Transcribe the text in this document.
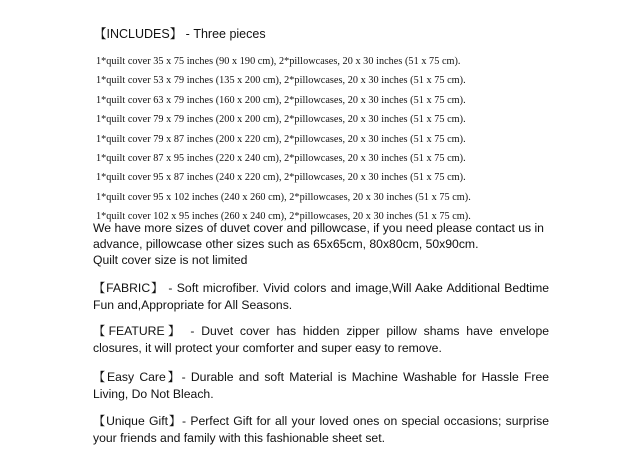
【INCLUDES】 - Three pieces
1*quilt cover 35 x 75 inches (90 x 190 cm), 2*pillowcases, 20 x 30 inches (51 x 75 cm).
1*quilt cover 53 x 79 inches (135 x 200 cm), 2*pillowcases, 20 x 30 inches (51 x 75 cm).
1*quilt cover 63 x 79 inches (160 x 200 cm), 2*pillowcases, 20 x 30 inches (51 x 75 cm).
1*quilt cover 79 x 79 inches (200 x 200 cm), 2*pillowcases, 20 x 30 inches (51 x 75 cm).
1*quilt cover 79 x 87 inches (200 x 220 cm), 2*pillowcases, 20 x 30 inches (51 x 75 cm).
1*quilt cover 87 x 95 inches (220 x 240 cm), 2*pillowcases, 20 x 30 inches (51 x 75 cm).
1*quilt cover 95 x 87 inches (240 x 220 cm), 2*pillowcases, 20 x 30 inches (51 x 75 cm).
1*quilt cover 95 x 102 inches (240 x 260 cm), 2*pillowcases, 20 x 30 inches (51 x 75 cm).
1*quilt cover 102 x 95 inches (260 x 240 cm), 2*pillowcases, 20 x 30 inches (51 x 75 cm).

We have more sizes of duvet cover and pillowcase, if you need please contact us in advance, pillowcase other sizes such as 65x65cm, 80x80cm, 50x90cm.

Quilt cover size is not limited

【FABRIC】 - Soft microfiber. Vivid colors and image,Will Aake Additional Bedtime Fun and,Appropriate for All Seasons.

【FEATURE】 - Duvet cover has hidden zipper pillow shams have envelope closures, it will protect your comforter and super easy to remove.

【Easy Care】- Durable and soft Material is Machine Washable for Hassle Free Living, Do Not Bleach.

【Unique Gift】- Perfect Gift for all your loved ones on special occasions; surprise your friends and family with this fashionable sheet set.
